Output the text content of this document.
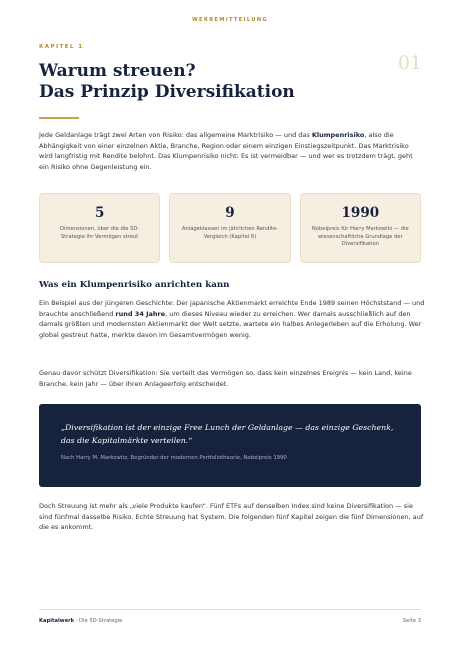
WERBEMITTEILUNG
KAPITEL 1
01
Warum streuen?
Das Prinzip Diversifikation

Jede Geldanlage trägt zwei Arten von Risiko: das allgemeine Marktrisiko — und das Klumpenrisiko, also die Abhängigkeit von einer einzelnen Aktie, Branche, Region oder einem einzigen Einstiegszeitpunkt. Das Marktrisiko wird langfristig mit Rendite belohnt. Das Klumpenrisiko nicht: Es ist vermeidbar — und wer es trotzdem trägt, geht ein Risiko ohne Gegenleistung ein.

5
Dimensionen, über die die 5D-Strategie Ihr Vermögen streut
9
Anlageklassen im jährlichen Rendite-Vergleich (Kapitel 6)
1990
Nobelpreis für Harry Markowitz — die wissenschaftliche Grundlage der Diversifikation
Was ein Klumpenrisiko anrichten kann

Ein Beispiel aus der jüngeren Geschichte: Der japanische Aktienmarkt erreichte Ende 1989 seinen Höchststand — und brauchte anschließend rund 34 Jahre, um dieses Niveau wieder zu erreichen. Wer damals ausschließlich auf den damals größten und modernsten Aktienmarkt der Welt setzte, wartete ein halbes Anlegerleben auf die Erholung. Wer global gestreut hatte, merkte davon im Gesamtvermögen wenig.

Genau davor schützt Diversifikation: Sie verteilt das Vermögen so, dass kein einzelnes Ereignis — kein Land, keine Branche, kein Jahr — über Ihren Anlageerfolg entscheidet.

„Diversifikation ist der einzige Free Lunch der Geldanlage — das einzige Geschenk, das die Kapitalmärkte verteilen.“
Nach Harry M. Markowitz, Begründer der modernen Portfoliotheorie, Nobelpreis 1990

Doch Streuung ist mehr als „viele Produkte kaufen“. Fünf ETFs auf denselben Index sind keine Diversifikation — sie sind fünfmal dasselbe Risiko. Echte Streuung hat System. Die folgenden fünf Kapitel zeigen die fünf Dimensionen, auf die es ankommt.

Kapitalwerk · Die 5D-Strategie	Seite 3
